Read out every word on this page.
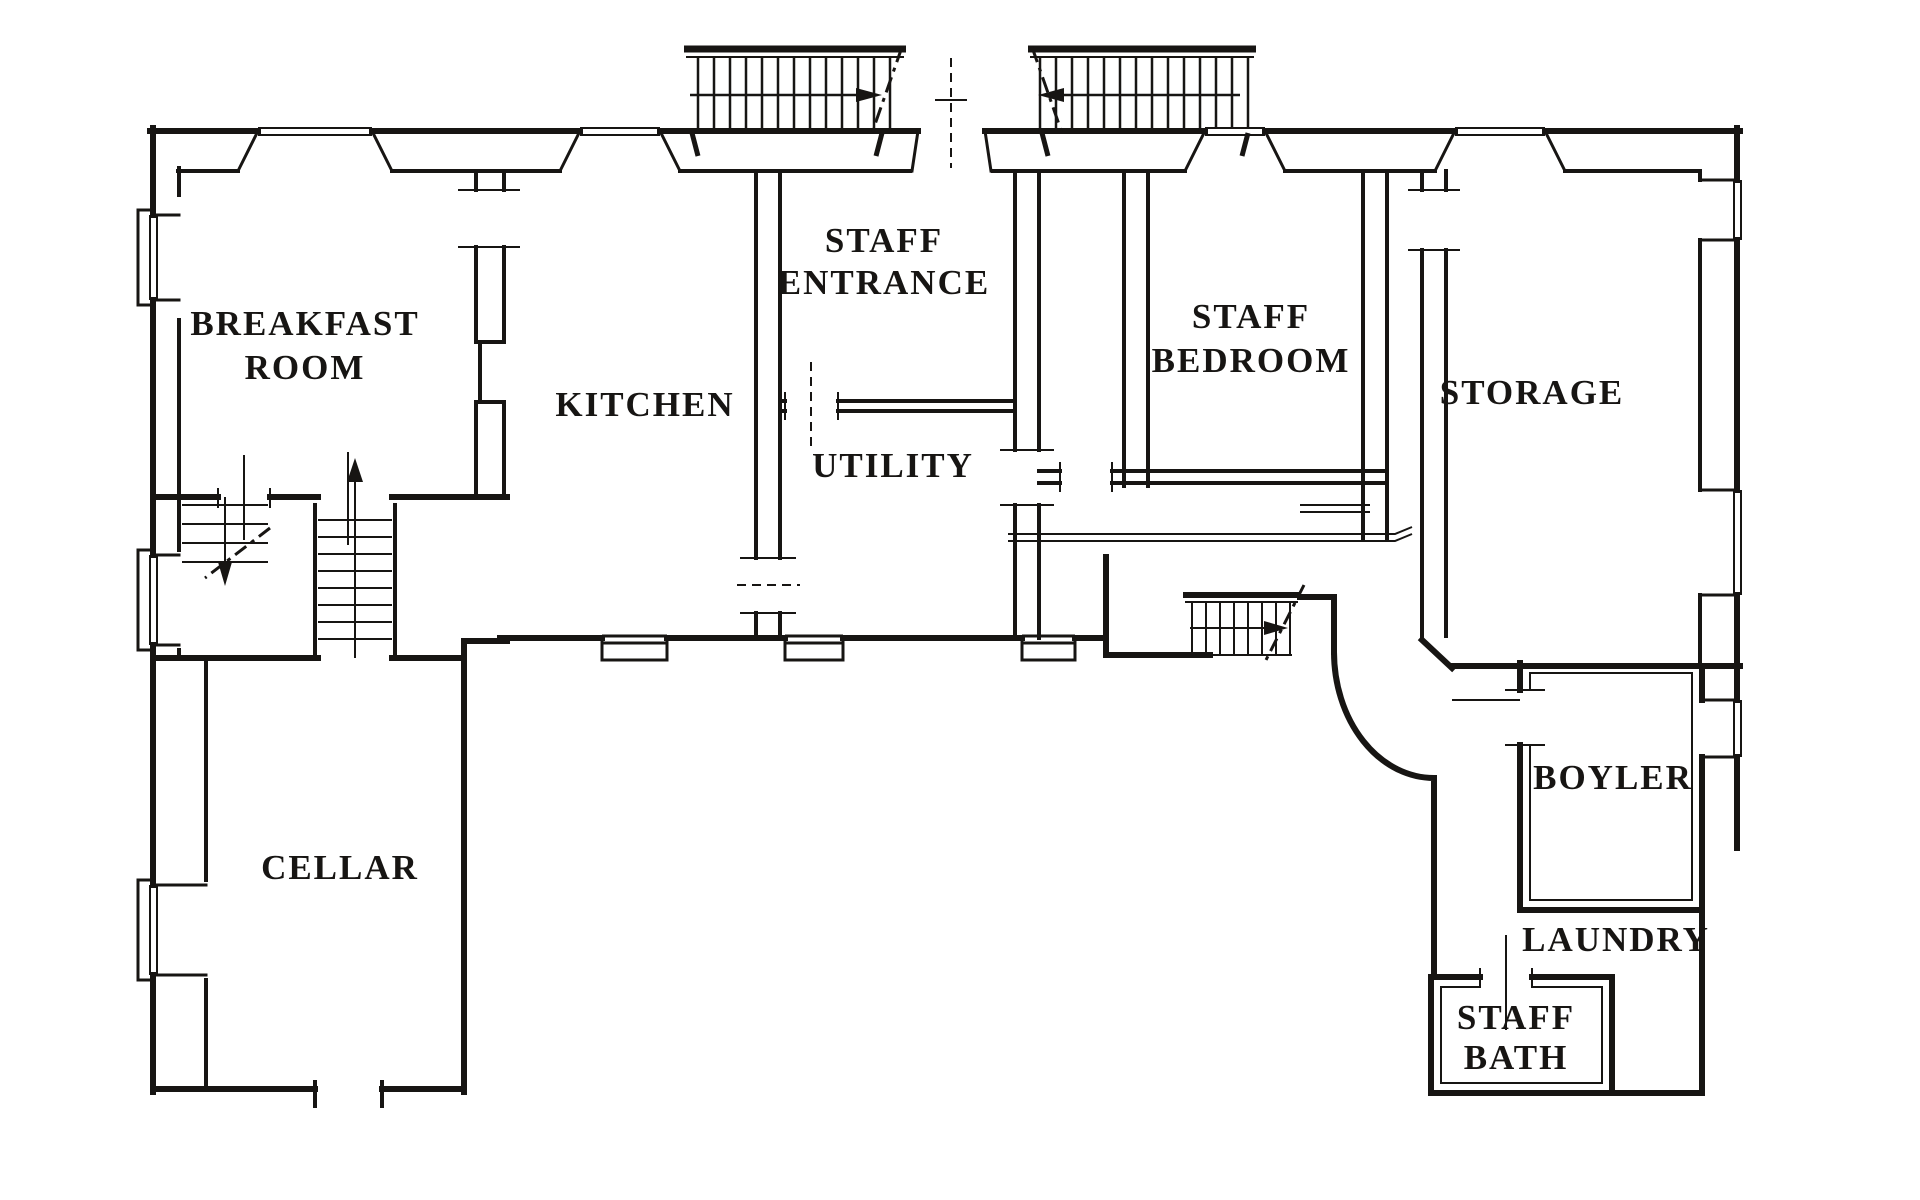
BREAKFAST
ROOM
KITCHEN
STAFF
ENTRANCE
UTILITY
STAFF
BEDROOM
STORAGE
CELLAR
BOYLER
LAUNDRY
STAFF
BATH
